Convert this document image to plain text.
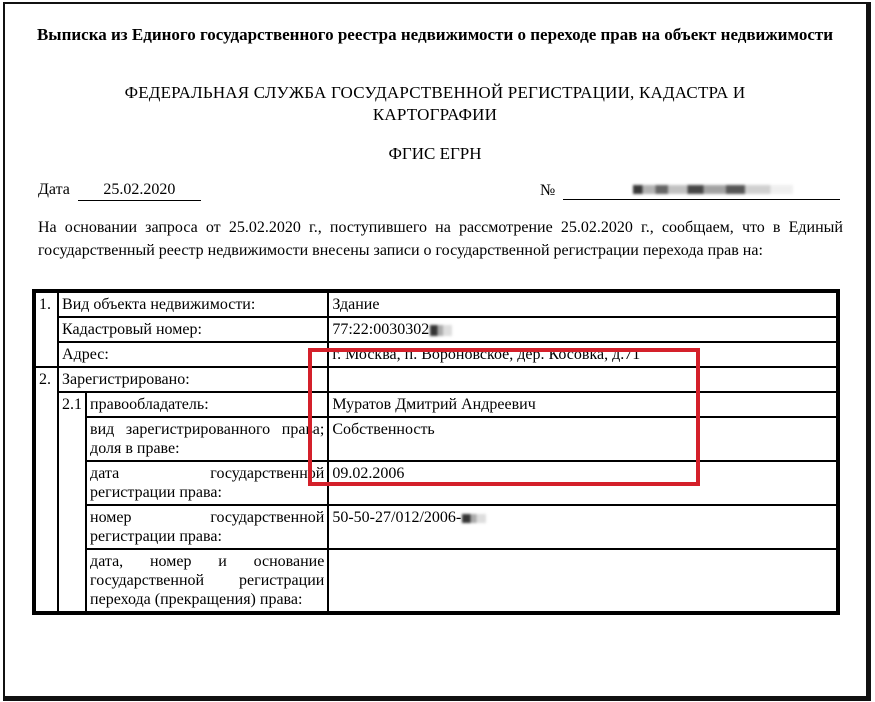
Выписка из Единого государственного реестра недвижимости о переходе прав на объект недвижимости
ФЕДЕРАЛЬНАЯ СЛУЖБА ГОСУДАРСТВЕННОЙ РЕГИСТРАЦИИ, КАДАСТРА И КАРТОГРАФИИ
ФГИС ЕГРН
Дата 25.02.2020	№
На основании запроса от 25.02.2020 г., поступившего на рассмотрение 25.02.2020 г., сообщаем, что в Единый государственный реестр недвижимости внесены записи о государственной регистрации перехода прав на:
1.	Вид объекта недвижимости:		Здание
	Кадастровый номер:		77:22:0030302
	Адрес:		г. Москва, п. Вороновское, дер. Косовка, д.71
2.	Зарегистрировано:		
	2.1	правообладатель:	Муратов Дмитрий Андреевич
		вид зарегистрированного права; доля в праве:	Собственность
		дата государственной регистрации права:	09.02.2006
		номер государственной регистрации права:	50-50-27/012/2006-
		дата, номер и основание государственной регистрации перехода (прекращения) права:	
